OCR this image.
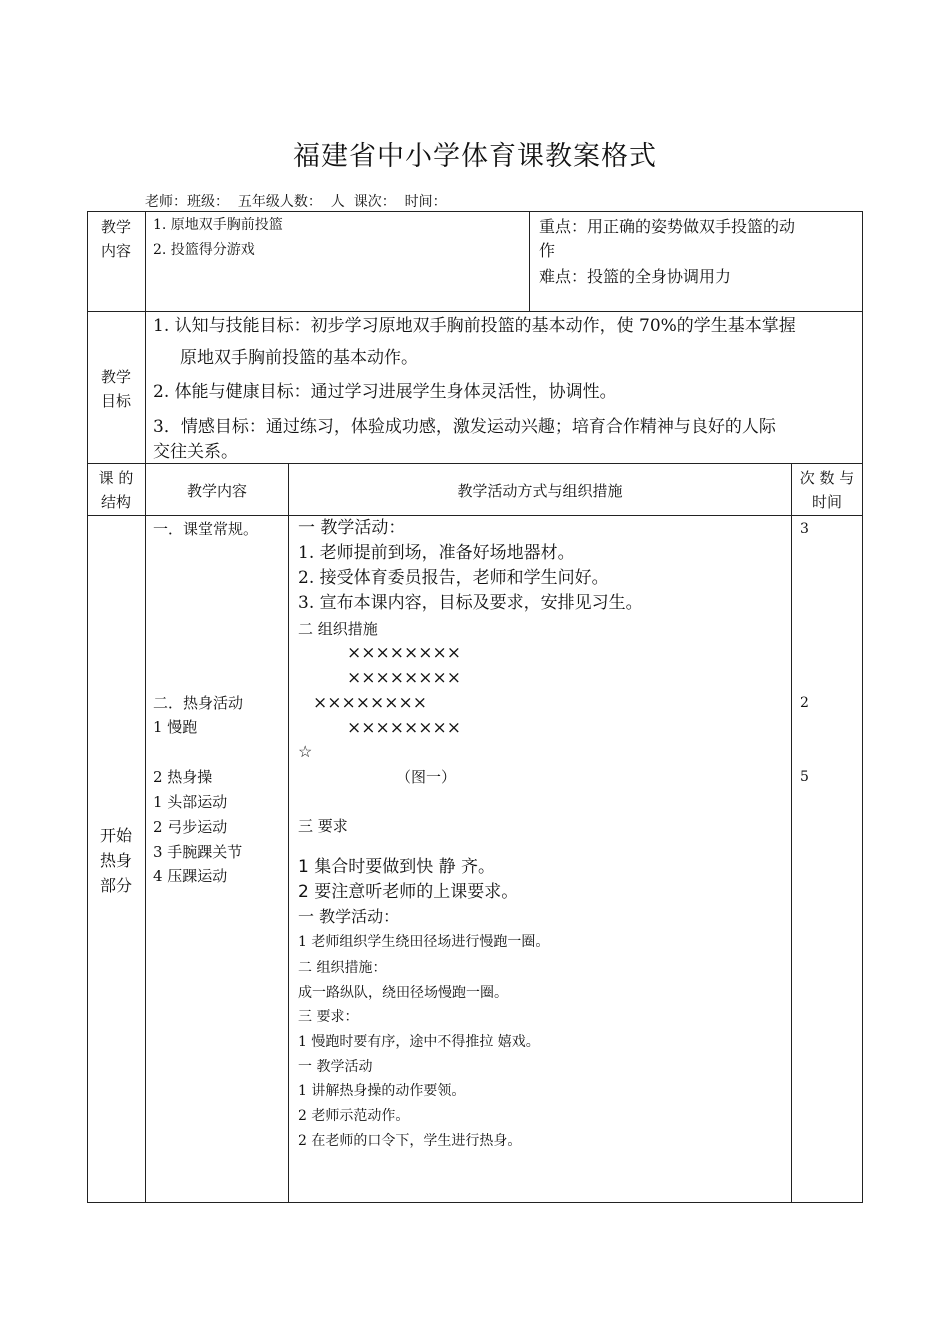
福建省中小学体育课教案格式
老师：班级：  五年级人数：  人  课次：  时间：
教学
内容
1. 原地双手胸前投篮
2. 投篮得分游戏
重点：用正确的姿势做双手投篮的动
作
难点：投篮的全身协调用力
教学
目标
1. 认知与技能目标：初步学习原地双手胸前投篮的基本动作，使 70%的学生基本掌握
原地双手胸前投篮的基本动作。
2. 体能与健康目标：通过学习进展学生身体灵活性，协调性。
3．情感目标：通过练习，体验成功感，激发运动兴趣；培育合作精神与良好的人际
交往关系。
课 的
结构
教学内容	教学活动方式与组织措施
次 数 与
时间
开始
热身
部分
一．课堂常规。
二．热身活动
1 慢跑
2 热身操
1 头部运动
2 弓步运动
3 手腕踝关节
4 压踝运动
一 教学活动：
1. 老师提前到场，准备好场地器材。
2. 接受体育委员报告，老师和学生问好。
3. 宣布本课内容，目标及要求，安排见习生。
二 组织措施
××××××××
××××××××
××××××××
××××××××
☆
（图一）
三 要求
1 集合时要做到快 静 齐。
2 要注意听老师的上课要求。
一 教学活动：
1 老师组织学生绕田径场进行慢跑一圈。
二 组织措施：
成一路纵队，绕田径场慢跑一圈。
三 要求：
1 慢跑时要有序，途中不得推拉 嬉戏。
一 教学活动
1 讲解热身操的动作要领。
2 老师示范动作。
2 在老师的口令下，学生进行热身。
3
2
5
